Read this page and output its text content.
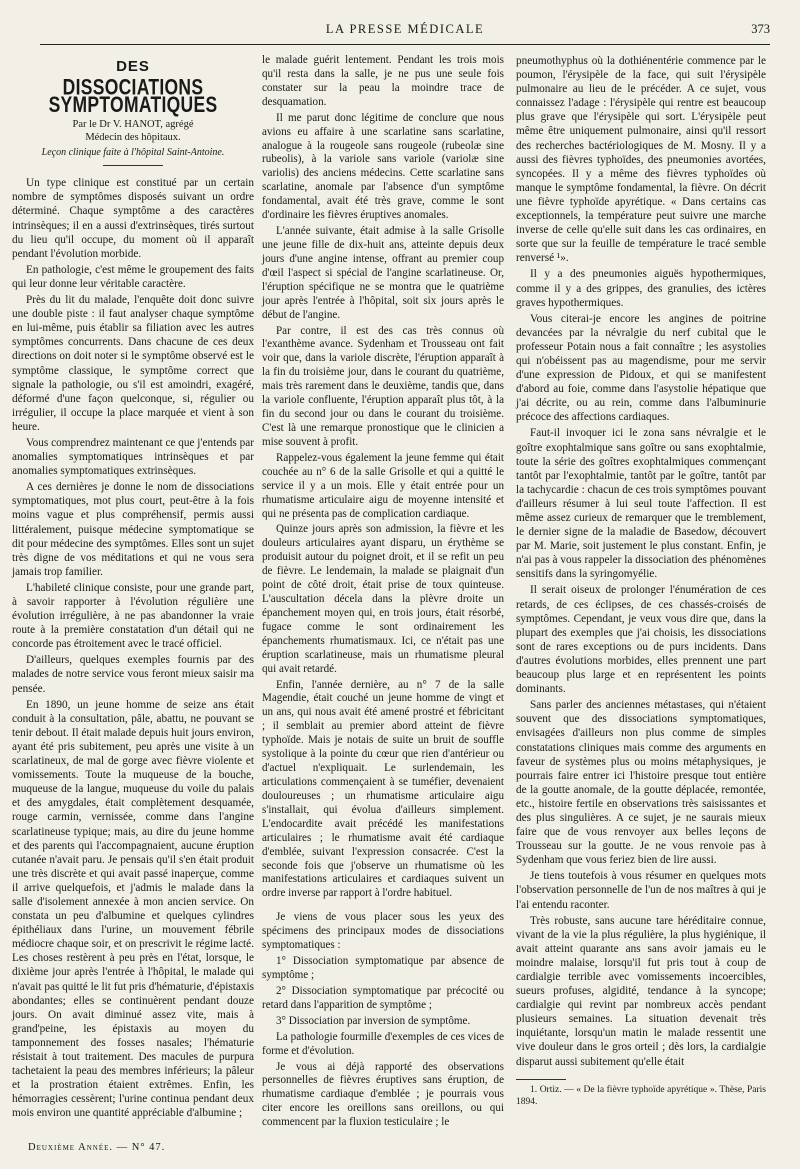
LA PRESSE MÉDICALE	373
DES
DISSOCIATIONS SYMPTOMATIQUES
Par le Dr V. HANOT, agrégé
Médecin des hôpitaux.
Leçon clinique faite à l'hôpital Saint-Antoine.

Un type clinique est constitué par un certain nombre de symptômes disposés suivant un ordre déterminé. Chaque symptôme a des caractères intrinsèques; il en a aussi d'extrinsèques, tirés surtout du lieu qu'il occupe, du moment où il apparaît pendant l'évolution morbide.

En pathologie, c'est même le groupement des faits qui leur donne leur véritable caractère.

Près du lit du malade, l'enquête doit donc suivre une double piste : il faut analyser chaque symptôme en lui-même, puis établir sa filiation avec les autres symptômes concurrents. Dans chacune de ces deux directions on doit noter si le symptôme observé est le symptôme classique, le symptôme correct que signale la pathologie, ou s'il est amoindri, exagéré, déformé d'une façon quelconque, si, régulier ou irrégulier, il occupe la place marquée et vient à son heure.

Vous comprendrez maintenant ce que j'entends par anomalies symptomatiques intrinsèques et par anomalies symptomatiques extrinsèques.

A ces dernières je donne le nom de dissociations symptomatiques, mot plus court, peut-être à la fois moins vague et plus compréhensif, permis aussi littéralement, puisque médecine symptomatique se dit pour médecine des symptômes. Elles sont un sujet très digne de vos méditations et qui ne vous sera jamais trop familier.

L'habileté clinique consiste, pour une grande part, à savoir rapporter à l'évolution régulière une évolution irrégulière, à ne pas abandonner la vraie route à la première constatation d'un détail qui ne concorde pas étroitement avec le tracé officiel.

D'ailleurs, quelques exemples fournis par des malades de notre service vous feront mieux saisir ma pensée.

En 1890, un jeune homme de seize ans était conduit à la consultation, pâle, abattu, ne pouvant se tenir debout. Il était malade depuis huit jours environ, ayant été pris subitement, peu après une visite à un scarlatineux, de mal de gorge avec fièvre violente et vomissements. Toute la muqueuse de la bouche, muqueuse de la langue, muqueuse du voile du palais et des amygdales, était complètement desquamée, rouge carmin, vernissée, comme dans l'angine scarlatineuse typique; mais, au dire du jeune homme et des parents qui l'accompagnaient, aucune éruption cutanée n'avait paru. Je pensais qu'il s'en était produit une très discrète et qui avait passé inaperçue, comme il arrive quelquefois, et j'admis le malade dans la salle d'isolement annexée à mon ancien service. On constata un peu d'albumine et quelques cylindres épithéliaux dans l'urine, un mouvement fébrile médiocre chaque soir, et on prescrivit le régime lacté. Les choses restèrent à peu près en l'état, lorsque, le dixième jour après l'entrée à l'hôpital, le malade qui n'avait pas quitté le lit fut pris d'hématurie, d'épistaxis abondantes; elles se continuèrent pendant douze jours. On avait diminué assez vite, mais à grand'peine, les épistaxis au moyen du tamponnement des fosses nasales; l'hématurie résistait à tout traitement. Des macules de purpura tachetaient la peau des membres inférieurs; la pâleur et la prostration étaient extrêmes. Enfin, les hémorragies cessèrent; l'urine continua pendant deux mois environ une quantité appréciable d'albumine ;

le malade guérit lentement. Pendant les trois mois qu'il resta dans la salle, je ne pus une seule fois constater sur la peau la moindre trace de desquamation.

Il me parut donc légitime de conclure que nous avions eu affaire à une scarlatine sans scarlatine, analogue à la rougeole sans rougeole (rubeolæ sine rubeolis), à la variole sans variole (variolæ sine variolis) des anciens médecins. Cette scarlatine sans scarlatine, anomale par l'absence d'un symptôme fondamental, avait été très grave, comme le sont d'ordinaire les fièvres éruptives anomales.

L'année suivante, était admise à la salle Grisolle une jeune fille de dix-huit ans, atteinte depuis deux jours d'une angine intense, offrant au premier coup d'œil l'aspect si spécial de l'angine scarlatineuse. Or, l'éruption spécifique ne se montra que le quatrième jour après l'entrée à l'hôpital, soit six jours après le début de l'angine.

Par contre, il est des cas très connus où l'exanthème avance. Sydenham et Trousseau ont fait voir que, dans la variole discrète, l'éruption apparaît à la fin du troisième jour, dans le courant du quatrième, mais très rarement dans le deuxième, tandis que, dans la variole confluente, l'éruption apparaît plus tôt, à la fin du second jour ou dans le courant du troisième. C'est là une remarque pronostique que le clinicien a mise souvent à profit.

Rappelez-vous également la jeune femme qui était couchée au n° 6 de la salle Grisolle et qui a quitté le service il y a un mois. Elle y était entrée pour un rhumatisme articulaire aigu de moyenne intensité et qui ne présenta pas de complication cardiaque.

Quinze jours après son admission, la fièvre et les douleurs articulaires ayant disparu, un érythème se produisit autour du poignet droit, et il se refit un peu de fièvre. Le lendemain, la malade se plaignait d'un point de côté droit, était prise de toux quinteuse. L'auscultation décela dans la plèvre droite un épanchement moyen qui, en trois jours, était résorbé, fugace comme le sont ordinairement les épanchements rhumatismaux. Ici, ce n'était pas une éruption scarlatineuse, mais un rhumatisme pleural qui avait retardé.

Enfin, l'année dernière, au n° 7 de la salle Magendie, était couché un jeune homme de vingt et un ans, qui nous avait été amené prostré et fébricitant ; il semblait au premier abord atteint de fièvre typhoïde. Mais je notais de suite un bruit de souffle systolique à la pointe du cœur que rien d'antérieur ou d'actuel n'expliquait. Le surlendemain, les articulations commençaient à se tuméfier, devenaient douloureuses ; un rhumatisme articulaire aigu s'installait, qui évolua d'ailleurs simplement. L'endocardite avait précédé les manifestations articulaires ; le rhumatisme avait été cardiaque d'emblée, suivant l'expression consacrée. C'est la seconde fois que j'observe un rhumatisme où les manifestations articulaires et cardiaques suivent un ordre inverse par rapport à l'ordre habituel.

Je viens de vous placer sous les yeux des spécimens des principaux modes de dissociations symptomatiques :

1° Dissociation symptomatique par absence de symptôme ;

2° Dissociation symptomatique par précocité ou retard dans l'apparition de symptôme ;

3° Dissociation par inversion de symptôme.

La pathologie fourmille d'exemples de ces vices de forme et d'évolution.

Je vous ai déjà rapporté des observations personnelles de fièvres éruptives sans éruption, de rhumatisme cardiaque d'emblée ; je pourrais vous citer encore les oreillons sans oreillons, ou qui commencent par la fluxion testiculaire ; le

pneumothyphus où la dothiénentérie commence par le poumon, l'érysipèle de la face, qui suit l'érysipèle pulmonaire au lieu de le précéder. A ce sujet, vous connaissez l'adage : l'érysipèle qui rentre est beaucoup plus grave que l'érysipèle qui sort. L'érysipèle peut même être uniquement pulmonaire, ainsi qu'il ressort des recherches bactériologiques de M. Mosny. Il y a aussi des fièvres typhoïdes, des pneumonies avortées, syncopées. Il y a même des fièvres typhoïdes où manque le symptôme fondamental, la fièvre. On décrit une fièvre typhoïde apyrétique. « Dans certains cas exceptionnels, la température peut suivre une marche inverse de celle qu'elle suit dans les cas ordinaires, en sorte que sur la feuille de température le tracé semble renversé ¹».

Il y a des pneumonies aiguës hypothermiques, comme il y a des grippes, des granulies, des ictères graves hypothermiques.

Vous citerai-je encore les angines de poitrine devancées par la névralgie du nerf cubital que le professeur Potain nous a fait connaître ; les asystolies qui n'obéissent pas au magendisme, pour me servir d'une expression de Pidoux, et qui se manifestent d'abord au foie, comme dans l'asystolie hépatique que j'ai décrite, ou au rein, comme dans l'albuminurie précoce des affections cardiaques.

Faut-il invoquer ici le zona sans névralgie et le goître exophtalmique sans goître ou sans exophtalmie, toute la série des goîtres exophtalmiques commençant tantôt par l'exophtalmie, tantôt par le goître, tantôt par la tachycardie : chacun de ces trois symptômes pouvant d'ailleurs résumer à lui seul toute l'affection. Il est même assez curieux de remarquer que le tremblement, le dernier signe de la maladie de Basedow, découvert par M. Marie, soit justement le plus constant. Enfin, je n'ai pas à vous rappeler la dissociation des phénomènes sensitifs dans la syringomyélie.

Il serait oiseux de prolonger l'énumération de ces retards, de ces éclipses, de ces chassés-croisés de symptômes. Cependant, je veux vous dire que, dans la plupart des exemples que j'ai choisis, les dissociations sont de rares exceptions ou de purs incidents. Dans d'autres évolutions morbides, elles prennent une part beaucoup plus large et en représentent les points dominants.

Sans parler des anciennes métastases, qui n'étaient souvent que des dissociations symptomatiques, envisagées d'ailleurs non plus comme de simples constatations cliniques mais comme des arguments en faveur de systèmes plus ou moins métaphysiques, je pourrais faire entrer ici l'histoire presque tout entière de la goutte anomale, de la goutte déplacée, remontée, etc., histoire fertile en observations très saisissantes et des plus singulières. A ce sujet, je ne saurais mieux faire que de vous renvoyer aux belles leçons de Trousseau sur la goutte. Je ne vous renvoie pas à Sydenham que vous feriez bien de lire aussi.

Je tiens toutefois à vous résumer en quelques mots l'observation personnelle de l'un de nos maîtres à qui je l'ai entendu raconter.

Très robuste, sans aucune tare héréditaire connue, vivant de la vie la plus régulière, la plus hygiénique, il avait atteint quarante ans sans avoir jamais eu le moindre malaise, lorsqu'il fut pris tout à coup de cardialgie terrible avec vomissements incoercibles, sueurs profuses, algidité, tendance à la syncope; cardialgie qui revint par nombreux accès pendant plusieurs semaines. La situation devenait très inquiétante, lorsqu'un matin le malade ressentit une vive douleur dans le gros orteil ; dès lors, la cardialgie disparut aussi subitement qu'elle était

1. Ortiz. — « De la fièvre typhoïde apyrétique ». Thèse, Paris 1894.

Deuxième Année. — N° 47.
